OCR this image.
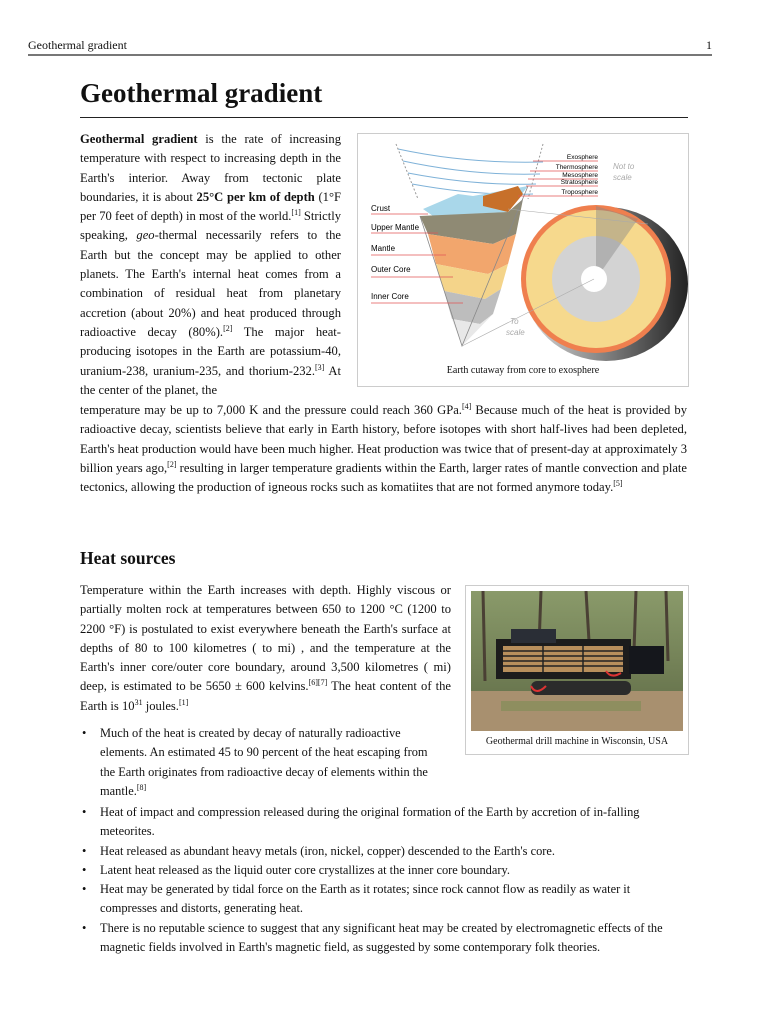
Geothermal gradient	1
Geothermal gradient

Geothermal gradient is the rate of increasing temperature with respect to increasing depth in the Earth's interior. Away from tectonic plate boundaries, it is about 25°C per km of depth (1°F per 70 feet of depth) in most of the world.[1] Strictly speaking, geo-thermal necessarily refers to the Earth but the concept may be applied to other planets. The Earth's internal heat comes from a combination of residual heat from planetary accretion (about 20%) and heat produced through radioactive decay (80%).[2] The major heat-producing isotopes in the Earth are potassium-40, uranium-238, uranium-235, and thorium-232.[3] At the center of the planet, the

Exosphere
Thermosphere
Mesosphere
Stratosphere
Troposphere
Not to
scale
To
scale
Crust
Upper Mantle
Mantle
Outer Core
Inner Core
Earth cutaway from core to exosphere

temperature may be up to 7,000 K and the pressure could reach 360 GPa.[4] Because much of the heat is provided by radioactive decay, scientists believe that early in Earth history, before isotopes with short half-lives had been depleted, Earth's heat production would have been much higher. Heat production was twice that of present-day at approximately 3 billion years ago,[2] resulting in larger temperature gradients within the Earth, larger rates of mantle convection and plate tectonics, allowing the production of igneous rocks such as komatiites that are not formed anymore today.[5]

Heat sources

Temperature within the Earth increases with depth. Highly viscous or partially molten rock at temperatures between 650 to 1200 °C (1200 to 2200 °F) is postulated to exist everywhere beneath the Earth's surface at depths of 80 to 100 kilometres ( to mi) , and the temperature at the Earth's inner core/outer core boundary, around 3,500 kilometres ( mi) deep, is estimated to be 5650 ± 600 kelvins.[6][7] The heat content of the Earth is $10^{31}$ joules.[1]

Geothermal drill machine in Wisconsin, USA
• Much of the heat is created by decay of naturally radioactive elements. An estimated 45 to 90 percent of the heat escaping from the Earth originates from radioactive decay of elements within the mantle.[8]
• Heat of impact and compression released during the original formation of the Earth by accretion of in-falling meteorites.
• Heat released as abundant heavy metals (iron, nickel, copper) descended to the Earth's core.
• Latent heat released as the liquid outer core crystallizes at the inner core boundary.
• Heat may be generated by tidal force on the Earth as it rotates; since rock cannot flow as readily as water it compresses and distorts, generating heat.
• There is no reputable science to suggest that any significant heat may be created by electromagnetic effects of the magnetic fields involved in Earth's magnetic field, as suggested by some contemporary folk theories.
